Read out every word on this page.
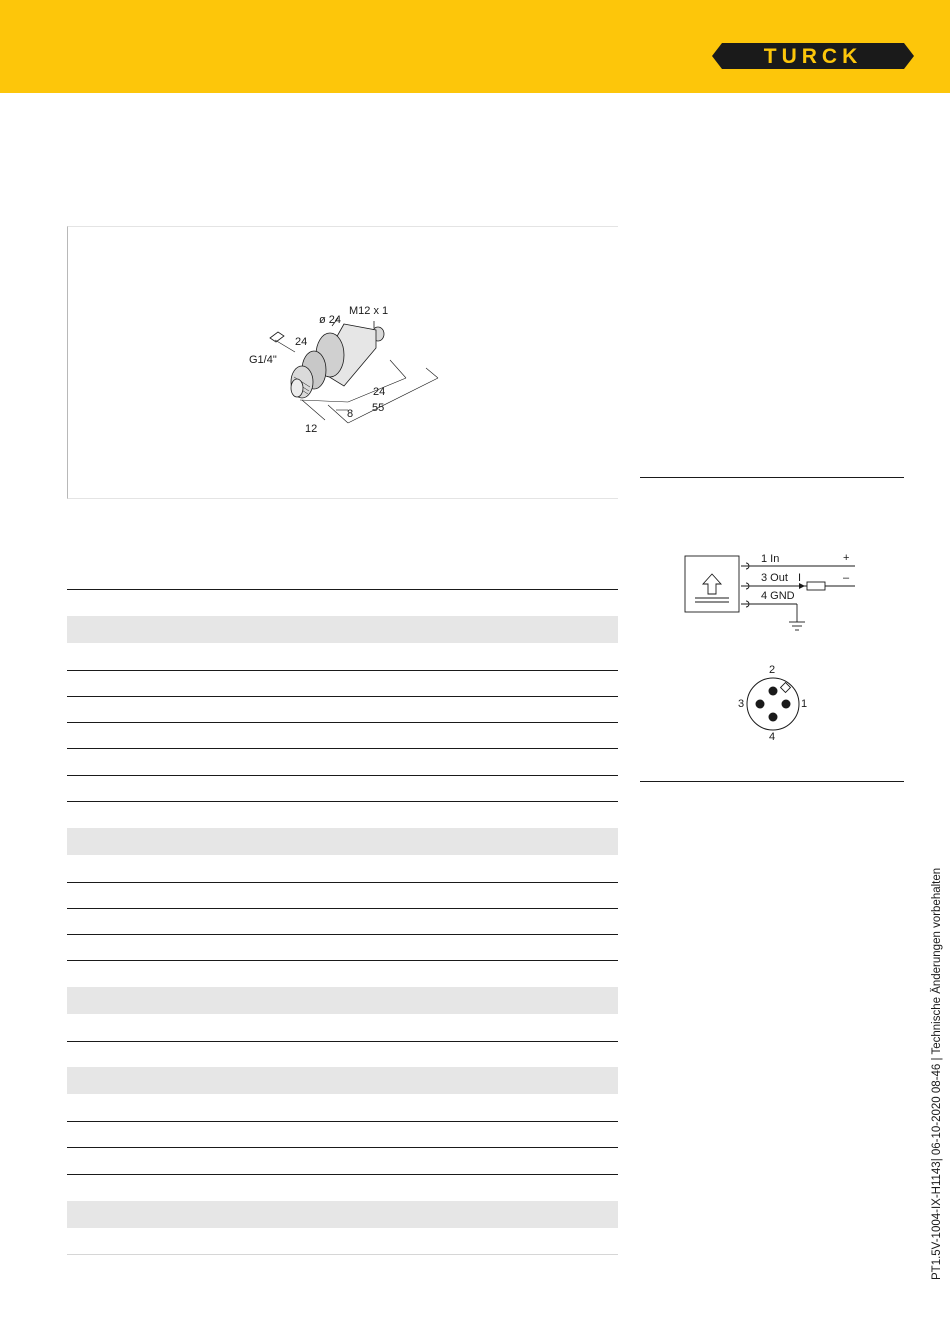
TURCK
M12 x 1
ø 24
24
G1/4"
24
55
8
12
1 In
3 Out
4 GND
+
–
I
2
3	1
4
PT1.5V-1004-IX-H1143| 06-10-2020 08-46 | Technische Änderungen vorbehalten
